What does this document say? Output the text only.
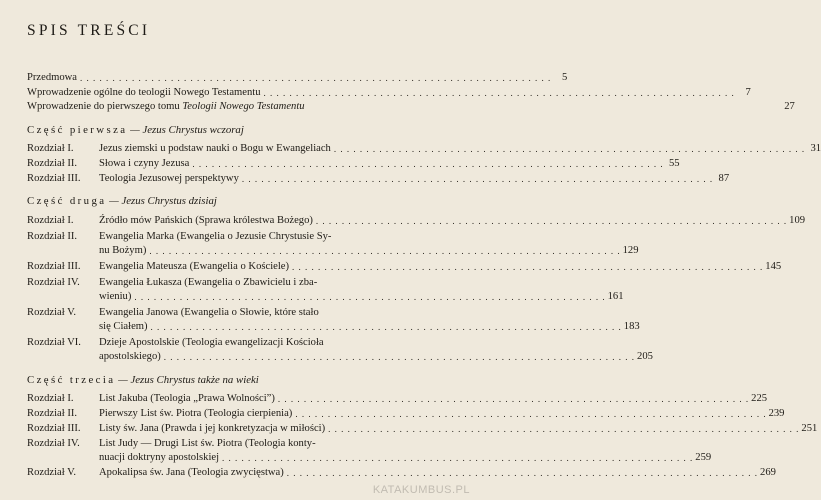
SPIS TREŚCI
Przedmowa . . .	5
Wprowadzenie ogólne do teologii Nowego Testamentu . . .	7
Wprowadzenie do pierwszego tomu Teologii Nowego Testamentu	27
Część pierwsza — Jezus Chrystus wczoraj
Rozdział I. Jezus ziemski u podstaw nauki o Bogu w Ewangeliach . . .	31
Rozdział II. Słowa i czyny Jezusa . . .	55
Rozdział III. Teologia Jezusowej perspektywy . . .	87
Część druga — Jezus Chrystus dzisiaj
Rozdział I. Źródło mów Pańskich (Sprawa królestwa Bożego) . . .	109
Rozdział II. Ewangelia Marka (Ewangelia o Jezusie Chrystusie Sy-
nu Bożym) . . .	129
Rozdział III. Ewangelia Mateusza (Ewangelia o Kościele) . . .	145
Rozdział IV. Ewangelia Łukasza (Ewangelia o Zbawicielu i zba-
wieniu) . . .	161
Rozdział V. Ewangelia Janowa (Ewangelia o Słowie, które stało
się Ciałem) . . .	183
Rozdział VI. Dzieje Apostolskie (Teologia ewangelizacji Kościoła
apostolskiego) . . .	205
Część trzecia — Jezus Chrystus także na wieki
Rozdział I. List Jakuba (Teologia „Prawa Wolności”) . . .	225
Rozdział II. Pierwszy List św. Piotra (Teologia cierpienia) . . .	239
Rozdział III. Listy św. Jana (Prawda i jej konkretyzacja w miłości) . . .	251
Rozdział IV. List Judy — Drugi List św. Piotra (Teologia konty-
nuacji doktryny apostolskiej . . .	259
Rozdział V. Apokalipsa św. Jana (Teologia zwycięstwa) . . .	269
KATAKUMBUS.PL
